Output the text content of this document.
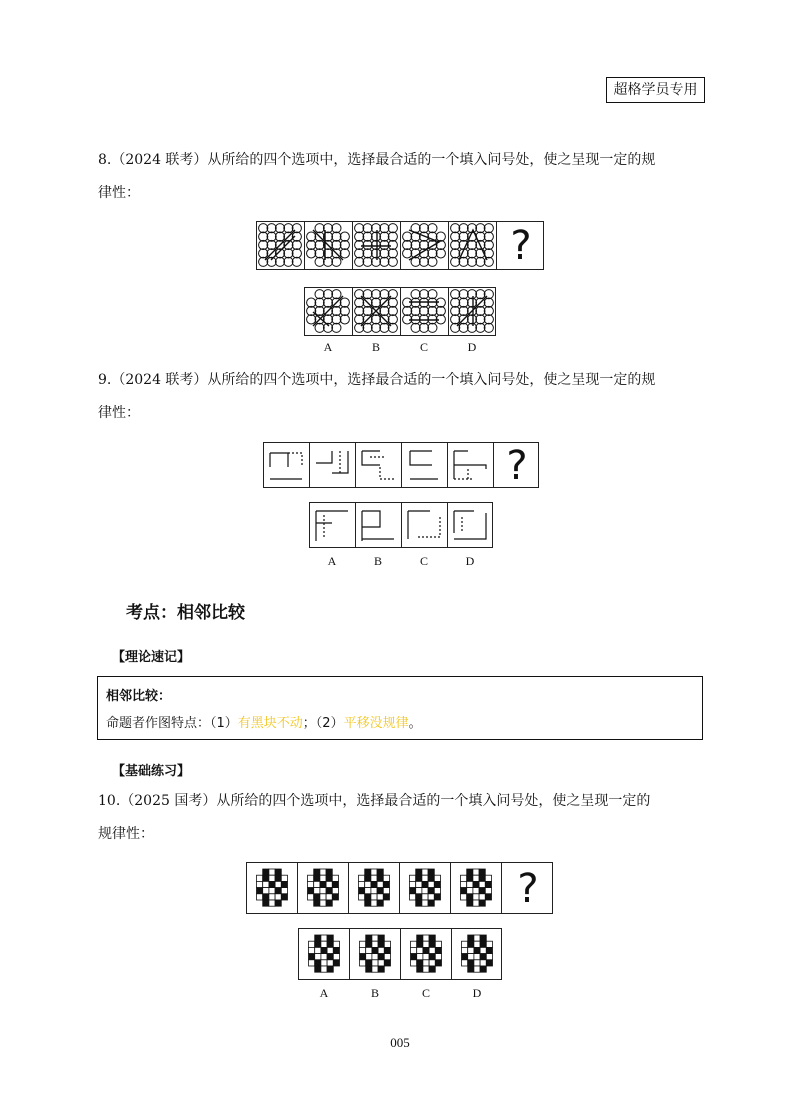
超格学员专用
8.（2024 联考）从所给的四个选项中，选择最合适的一个填入问号处，使之呈现一定的规
律性：
?
A	B	C	D
9.（2024 联考）从所给的四个选项中，选择最合适的一个填入问号处，使之呈现一定的规
律性：
?
A	B	C	D
考点：相邻比较
【理论速记】
相邻比较：
命题者作图特点：（1）有黑块不动；（2）平移没规律。
【基础练习】
10.（2025 国考）从所给的四个选项中，选择最合适的一个填入问号处，使之呈现一定的
规律性：
?
A	B	C	D
005
